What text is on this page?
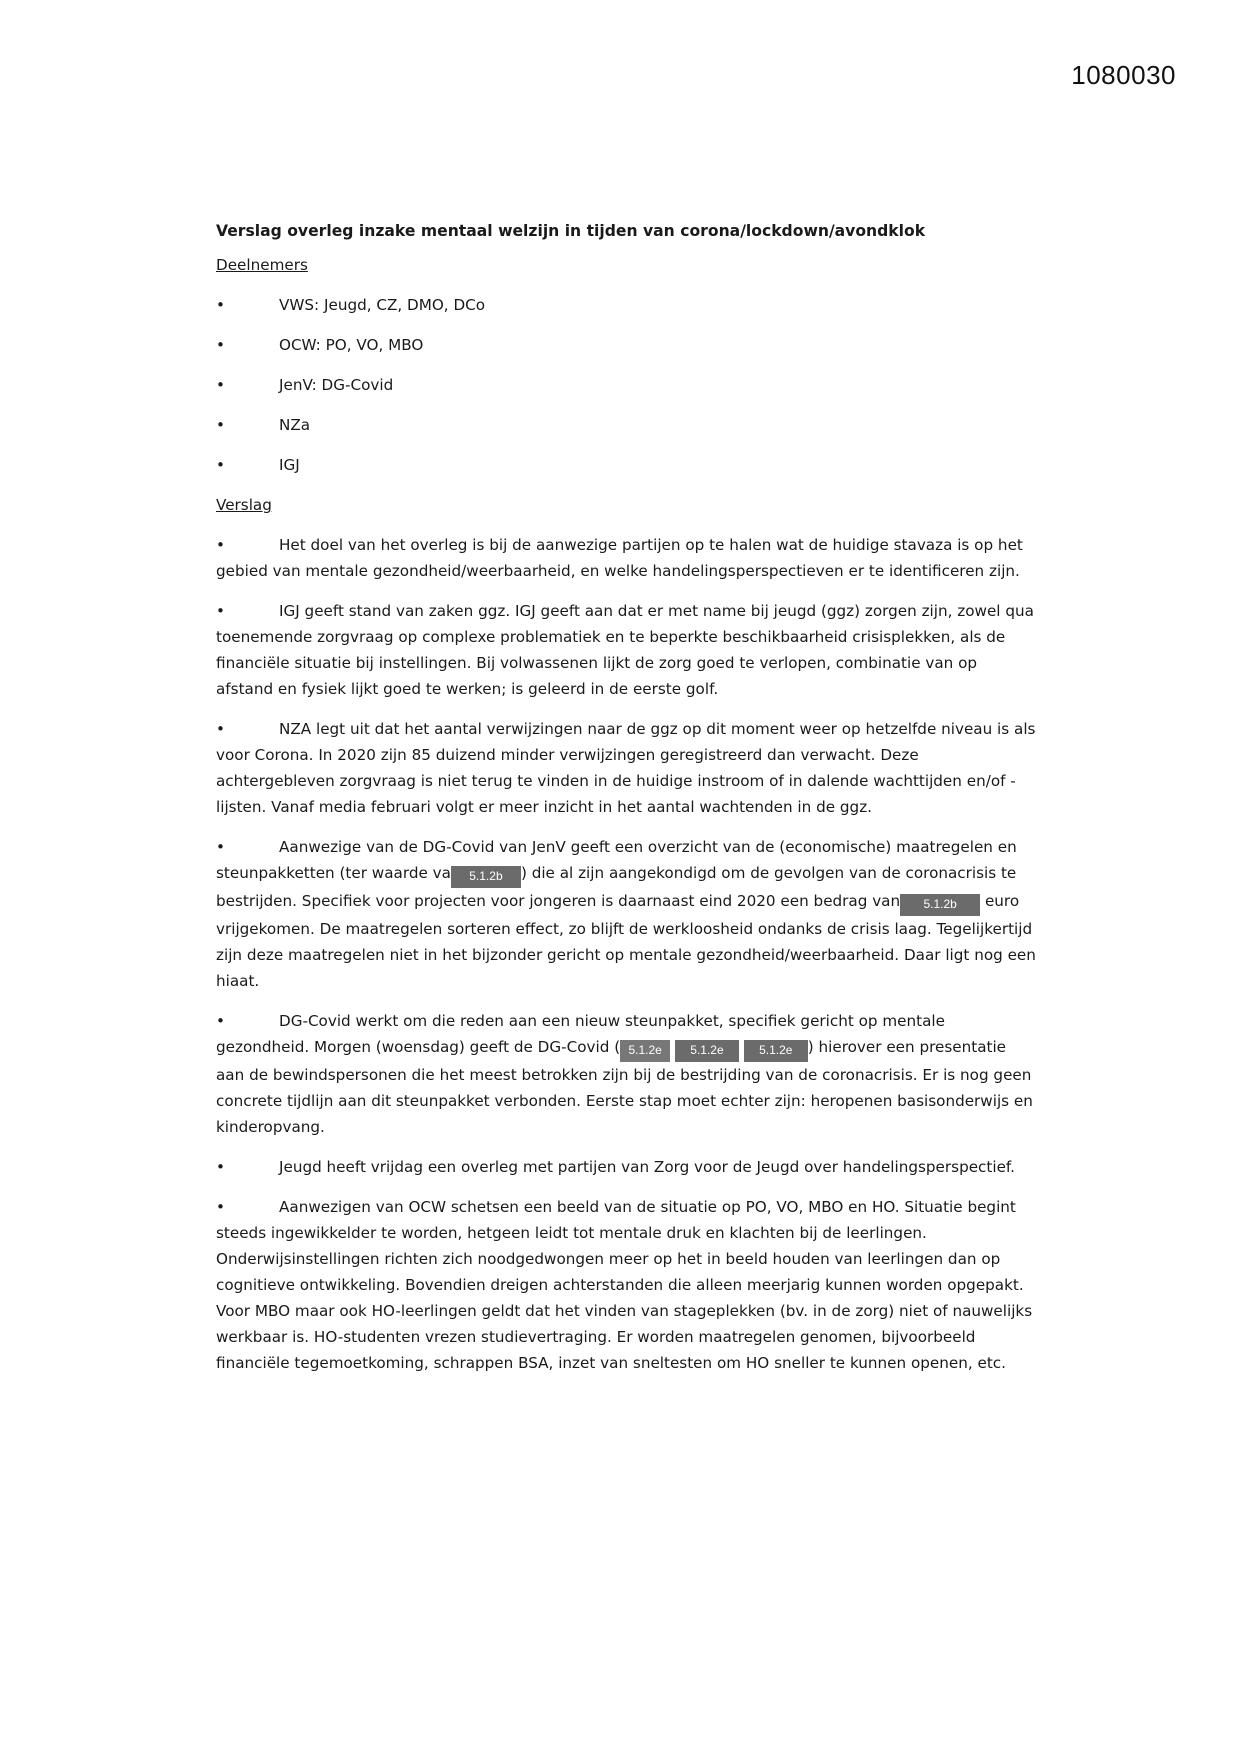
1080030
Verslag overleg inzake mentaal welzijn in tijden van corona/lockdown/avondklok
Deelnemers
•	VWS: Jeugd, CZ, DMO, DCo
•	OCW: PO, VO, MBO
•	JenV: DG-Covid
•	NZa
•	IGJ
Verslag

•	Het doel van het overleg is bij de aanwezige partijen op te halen wat de huidige stavaza is op het gebied van mentale gezondheid/weerbaarheid, en welke handelingsperspectieven er te identificeren zijn.

•	IGJ geeft stand van zaken ggz. IGJ geeft aan dat er met name bij jeugd (ggz) zorgen zijn, zowel qua toenemende zorgvraag op complexe problematiek en te beperkte beschikbaarheid crisisplekken, als de financiële situatie bij instellingen. Bij volwassenen lijkt de zorg goed te verlopen, combinatie van op afstand en fysiek lijkt goed te werken; is geleerd in de eerste golf.

•	NZA legt uit dat het aantal verwijzingen naar de ggz op dit moment weer op hetzelfde niveau is als voor Corona. In 2020 zijn 85 duizend minder verwijzingen geregistreerd dan verwacht. Deze achtergebleven zorgvraag is niet terug te vinden in de huidige instroom of in dalende wachttijden en/of -lijsten. Vanaf media februari volgt er meer inzicht in het aantal wachtenden in de ggz.

•	Aanwezige van de DG-Covid van JenV geeft een overzicht van de (economische) maatregelen en steunpakketten (ter waarde va 5.1.2b ) die al zijn aangekondigd om de gevolgen van de coronacrisis te bestrijden. Specifiek voor projecten voor jongeren is daarnaast eind 2020 een bedrag van 5.1.2b euro vrijgekomen. De maatregelen sorteren effect, zo blijft de werkloosheid ondanks de crisis laag. Tegelijkertijd zijn deze maatregelen niet in het bijzonder gericht op mentale gezondheid/weerbaarheid. Daar ligt nog een hiaat.

•	DG-Covid werkt om die reden aan een nieuw steunpakket, specifiek gericht op mentale gezondheid. Morgen (woensdag) geeft de DG-Covid ( 5.1.2e 5.1.2e	5.1.2e ) hierover een presentatie aan de bewindspersonen die het meest betrokken zijn bij de bestrijding van de coronacrisis. Er is nog geen concrete tijdlijn aan dit steunpakket verbonden. Eerste stap moet echter zijn: heropenen basisonderwijs en kinderopvang.

•	Jeugd heeft vrijdag een overleg met partijen van Zorg voor de Jeugd over handelingsperspectief.

•	Aanwezigen van OCW schetsen een beeld van de situatie op PO, VO, MBO en HO. Situatie begint steeds ingewikkelder te worden, hetgeen leidt tot mentale druk en klachten bij de leerlingen. Onderwijsinstellingen richten zich noodgedwongen meer op het in beeld houden van leerlingen dan op cognitieve ontwikkeling. Bovendien dreigen achterstanden die alleen meerjarig kunnen worden opgepakt. Voor MBO maar ook HO-leerlingen geldt dat het vinden van stageplekken (bv. in de zorg) niet of nauwelijks werkbaar is. HO-studenten vrezen studievertraging. Er worden maatregelen genomen, bijvoorbeeld financiële tegemoetkoming, schrappen BSA, inzet van sneltesten om HO sneller te kunnen openen, etc.
